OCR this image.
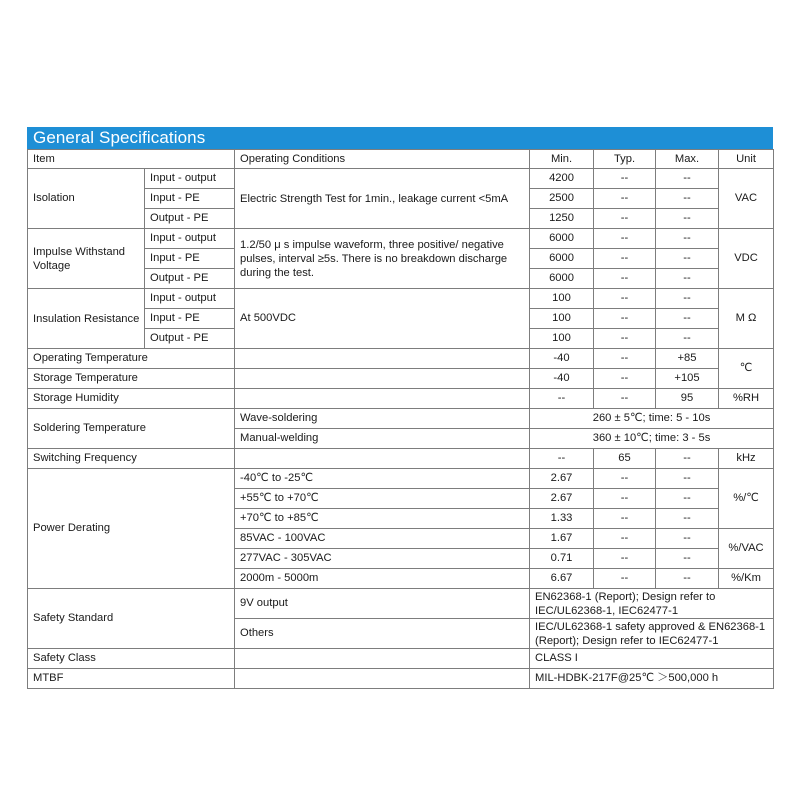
General Specifications
Item		Operating Conditions	Min.	Typ.	Max.	Unit
Isolation	Input - output	Electric Strength Test for 1min., leakage current <5mA	4200	--	--	VAC
	Input - PE		2500	--	--	
	Output - PE		1250	--	--	
Impulse Withstand Voltage	Input - output	1.2/50 μ s impulse waveform, three positive/ negative pulses, interval ≥5s. There is no breakdown discharge during the test.	6000	--	--	VDC
	Input - PE		6000	--	--	
	Output - PE		6000	--	--	
Insulation Resistance	Input - output	At 500VDC	100	--	--	M Ω
	Input - PE		100	--	--	
	Output - PE		100	--	--	
Operating Temperature			-40	--	+85	℃
Storage Temperature			-40	--	+105	
Storage Humidity			--	--	95	%RH
Soldering Temperature		Wave-soldering	260 ± 5℃; time: 5 - 10s			
		Manual-welding	360 ± 10℃; time: 3 - 5s			
Switching Frequency			--	65	--	kHz
Power Derating		-40℃ to -25℃	2.67	--	--	%/℃
		+55℃ to +70℃	2.67	--	--	
		+70℃ to +85℃	1.33	--	--	
		85VAC - 100VAC	1.67	--	--	%/VAC
		277VAC - 305VAC	0.71	--	--	
		2000m - 5000m	6.67	--	--	%/Km
Safety Standard		9V output	EN62368-1 (Report); Design refer to IEC/UL62368-1, IEC62477-1			
		Others	IEC/UL62368-1 safety approved & EN62368-1 (Report); Design refer to IEC62477-1			
Safety Class			CLASS I			
MTBF			MIL-HDBK-217F@25℃ ＞500,000 h			
